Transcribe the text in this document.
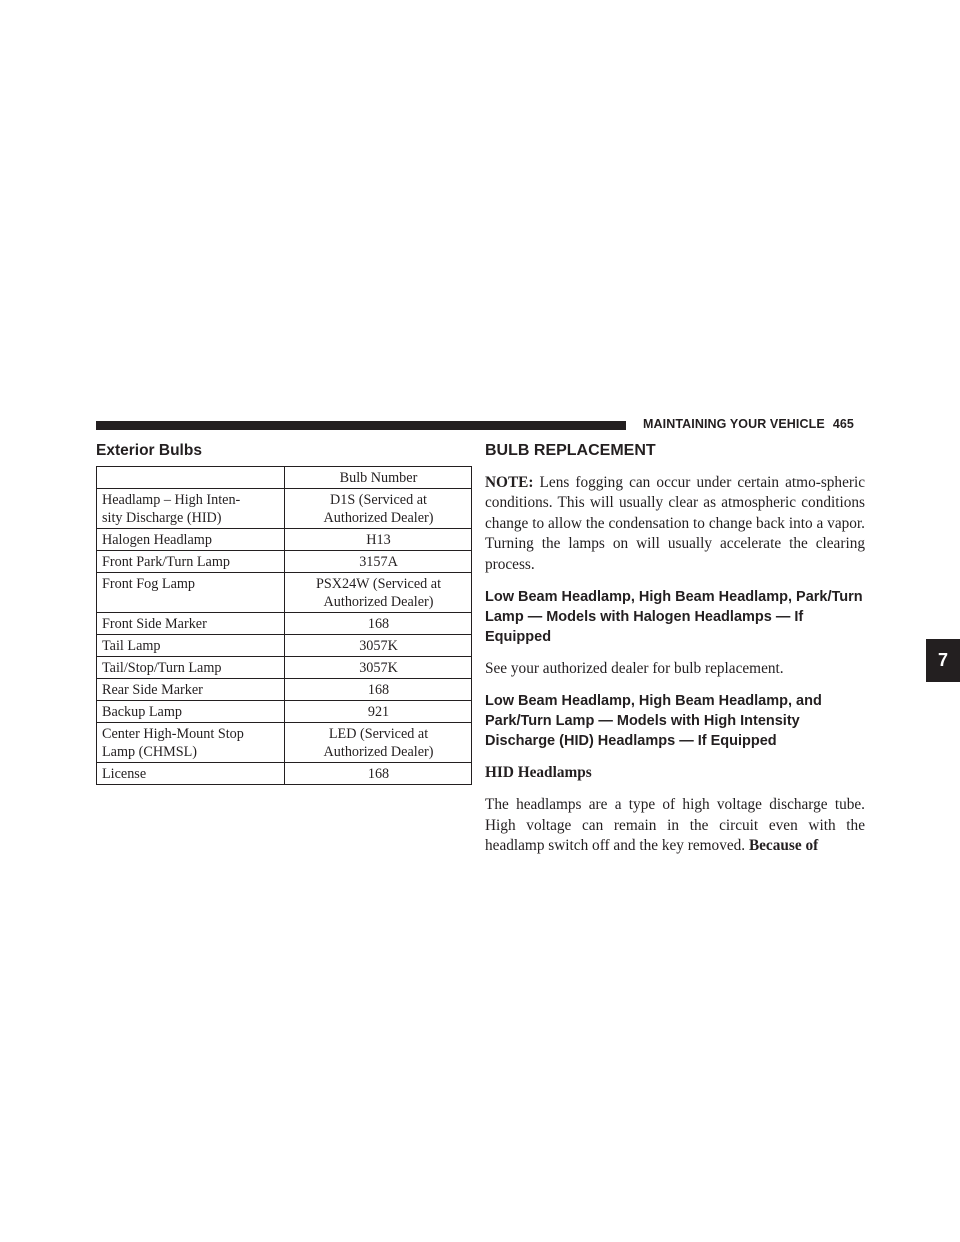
MAINTAINING YOUR VEHICLE 465
7
Exterior Bulbs
	Bulb Number
Headlamp – High Inten-
sity Discharge (HID)	D1S (Serviced at
Authorized Dealer)
Halogen Headlamp	H13
Front Park/Turn Lamp	3157A
Front Fog Lamp	PSX24W (Serviced at
Authorized Dealer)
Front Side Marker	168
Tail Lamp	3057K
Tail/Stop/Turn Lamp	3057K
Rear Side Marker	168
Backup Lamp	921
Center High-Mount Stop
Lamp (CHMSL)	LED (Serviced at
Authorized Dealer)
License	168
BULB REPLACEMENT

NOTE: Lens fogging can occur under certain atmo-spheric conditions. This will usually clear as atmospheric conditions change to allow the condensation to change back into a vapor. Turning the lamps on will usually accelerate the clearing process.

Low Beam Headlamp, High Beam Headlamp, Park/Turn Lamp — Models with Halogen Headlamps — If Equipped

See your authorized dealer for bulb replacement.

Low Beam Headlamp, High Beam Headlamp, and Park/Turn Lamp — Models with High Intensity Discharge (HID) Headlamps — If Equipped
HID Headlamps

The headlamps are a type of high voltage discharge tube. High voltage can remain in the circuit even with the headlamp switch off and the key removed. Because of
